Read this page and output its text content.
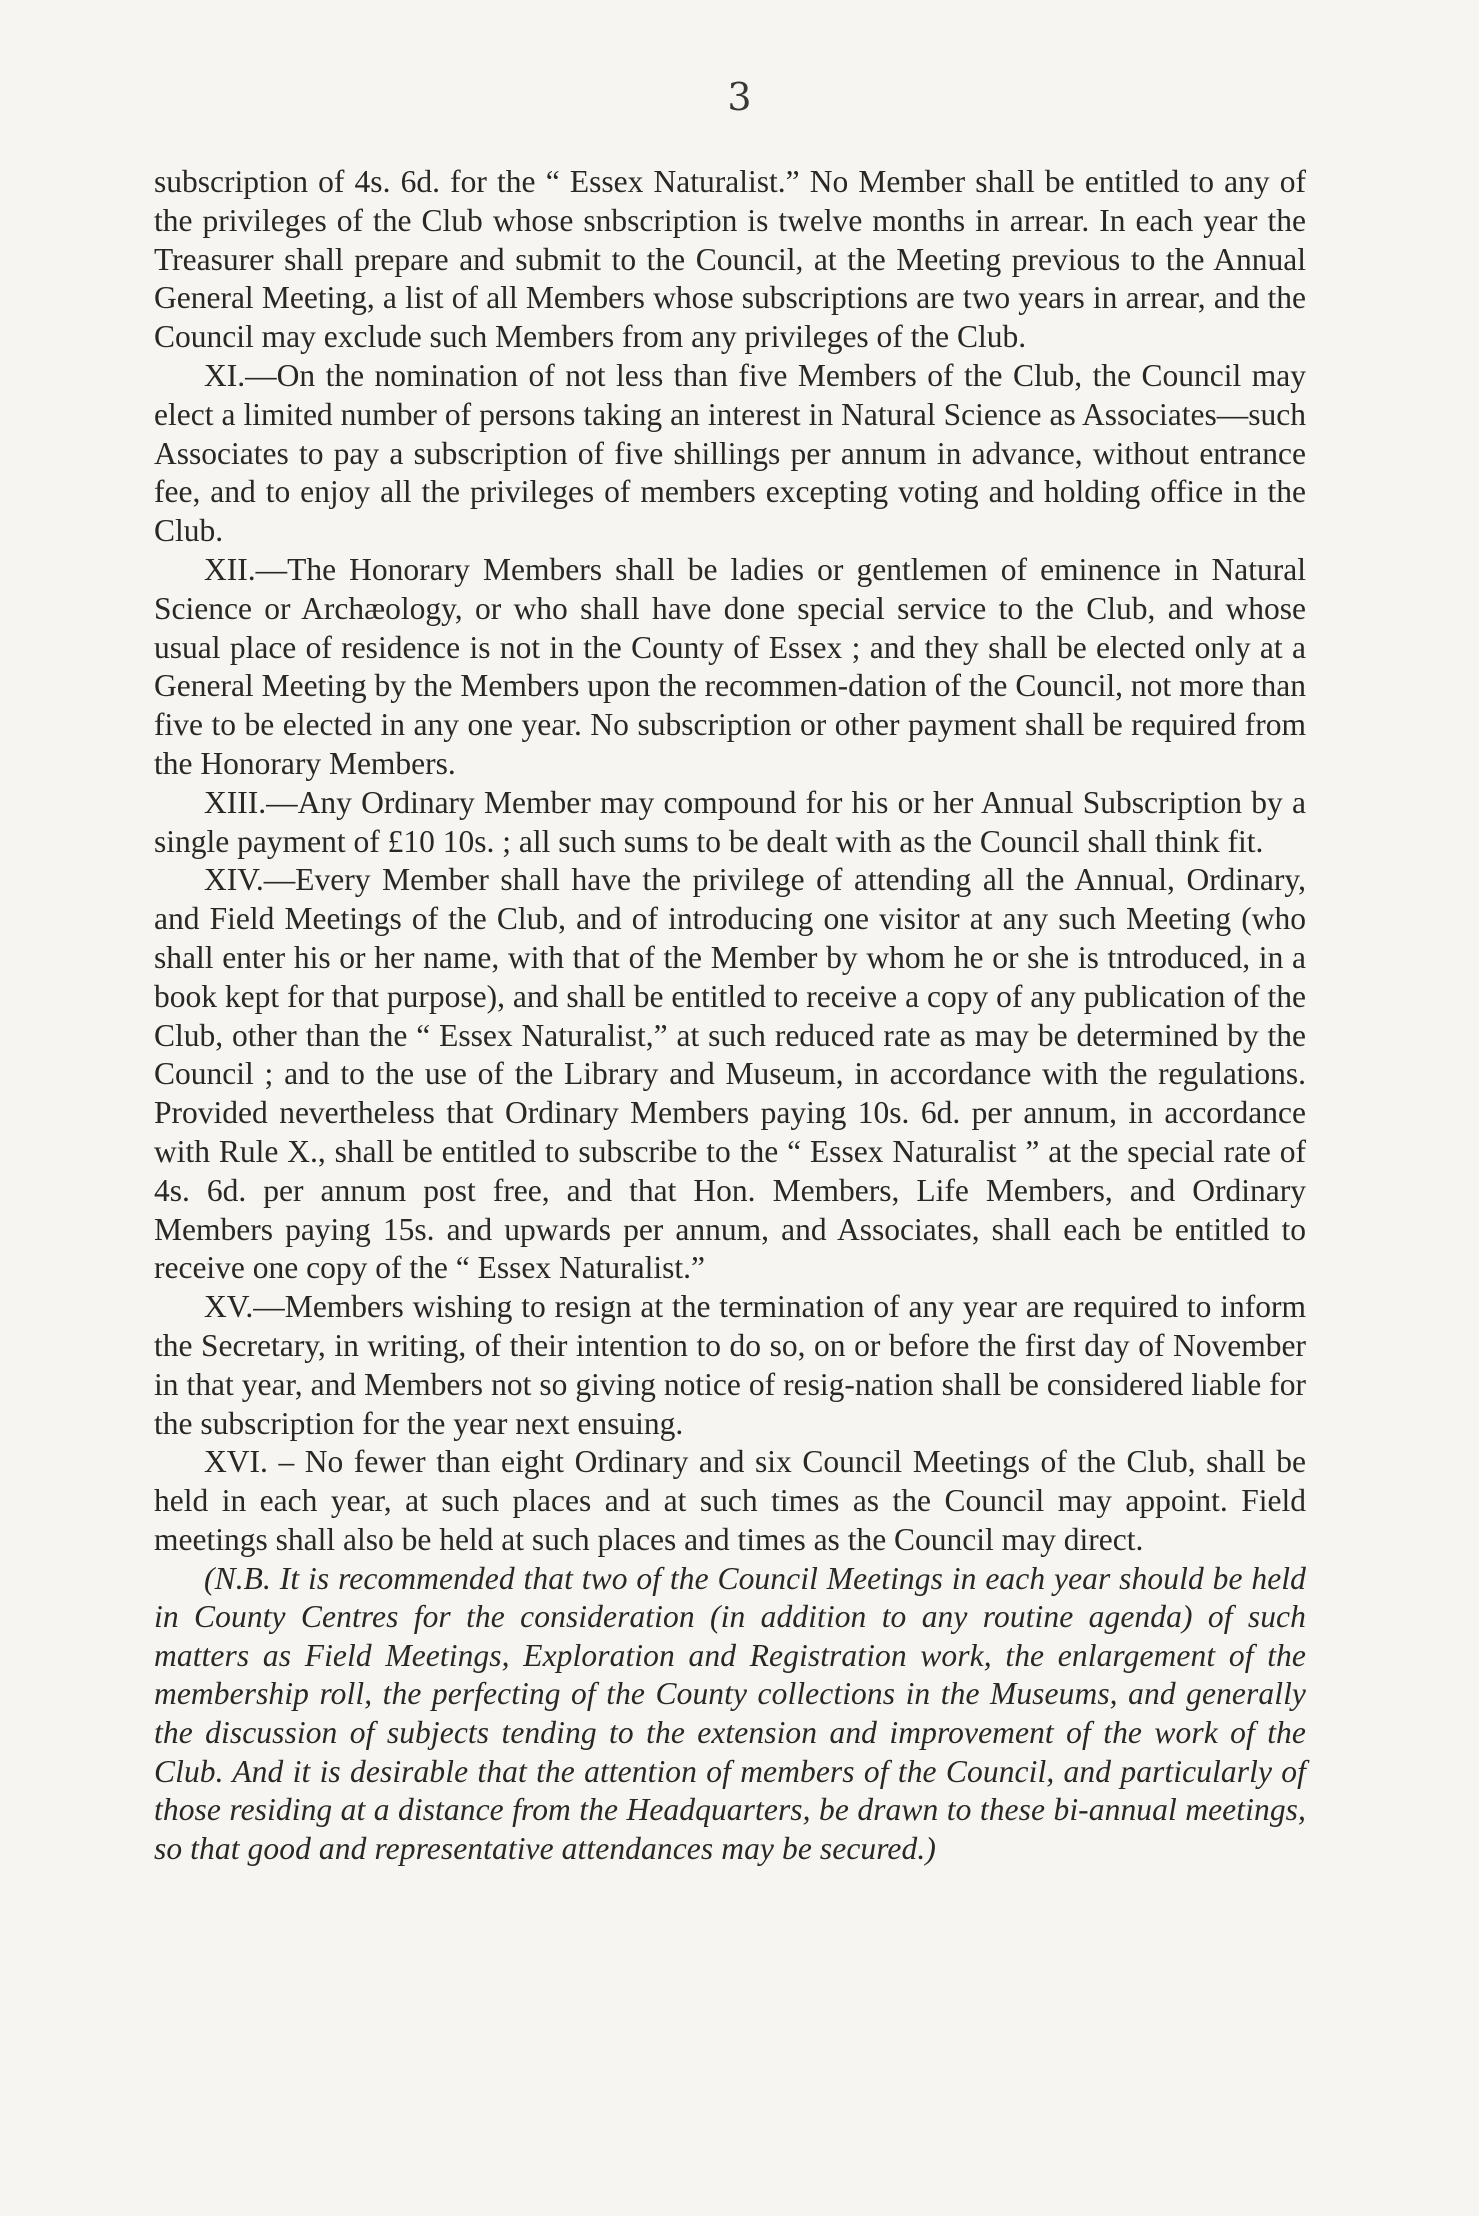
3

subscription of 4s. 6d. for the “ Essex Naturalist.” No Member shall be entitled to any of the privileges of the Club whose snbscription is twelve months in arrear. In each year the Treasurer shall prepare and submit to the Council, at the Meeting previous to the Annual General Meeting, a list of all Members whose subscriptions are two years in arrear, and the Council may exclude such Members from any privileges of the Club.

XI.—On the nomination of not less than five Members of the Club, the Council may elect a limited number of persons taking an interest in Natural Science as Associates—such Associates to pay a subscription of five shillings per annum in advance, without entrance fee, and to enjoy all the privileges of members excepting voting and holding office in the Club.

XII.—The Honorary Members shall be ladies or gentlemen of eminence in Natural Science or Archæology, or who shall have done special service to the Club, and whose usual place of residence is not in the County of Essex ; and they shall be elected only at a General Meeting by the Members upon the recommen-dation of the Council, not more than five to be elected in any one year. No subscription or other payment shall be required from the Honorary Members.

XIII.—Any Ordinary Member may compound for his or her Annual Subscription by a single payment of £10 10s. ; all such sums to be dealt with as the Council shall think fit.

XIV.—Every Member shall have the privilege of attending all the Annual, Ordinary, and Field Meetings of the Club, and of introducing one visitor at any such Meeting (who shall enter his or her name, with that of the Member by whom he or she is tntroduced, in a book kept for that purpose), and shall be entitled to receive a copy of any publication of the Club, other than the “ Essex Naturalist,” at such reduced rate as may be determined by the Council ; and to the use of the Library and Museum, in accordance with the regulations. Provided nevertheless that Ordinary Members paying 10s. 6d. per annum, in accordance with Rule X., shall be entitled to subscribe to the “ Essex Naturalist ” at the special rate of 4s. 6d. per annum post free, and that Hon. Members, Life Members, and Ordinary Members paying 15s. and upwards per annum, and Associates, shall each be entitled to receive one copy of the “ Essex Naturalist.”

XV.—Members wishing to resign at the termination of any year are required to inform the Secretary, in writing, of their intention to do so, on or before the first day of November in that year, and Members not so giving notice of resig-nation shall be considered liable for the subscription for the year next ensuing.

XVI. – No fewer than eight Ordinary and six Council Meetings of the Club, shall be held in each year, at such places and at such times as the Council may appoint. Field meetings shall also be held at such places and times as the Council may direct.

(N.B. It is recommended that two of the Council Meetings in each year should be held in County Centres for the consideration (in addition to any routine agenda) of such matters as Field Meetings, Exploration and Registration work, the enlargement of the membership roll, the perfecting of the County collections in the Museums, and generally the discussion of subjects tending to the extension and improvement of the work of the Club. And it is desirable that the attention of members of the Council, and particularly of those residing at a distance from the Headquarters, be drawn to these bi-annual meetings, so that good and representative attendances may be secured.)
